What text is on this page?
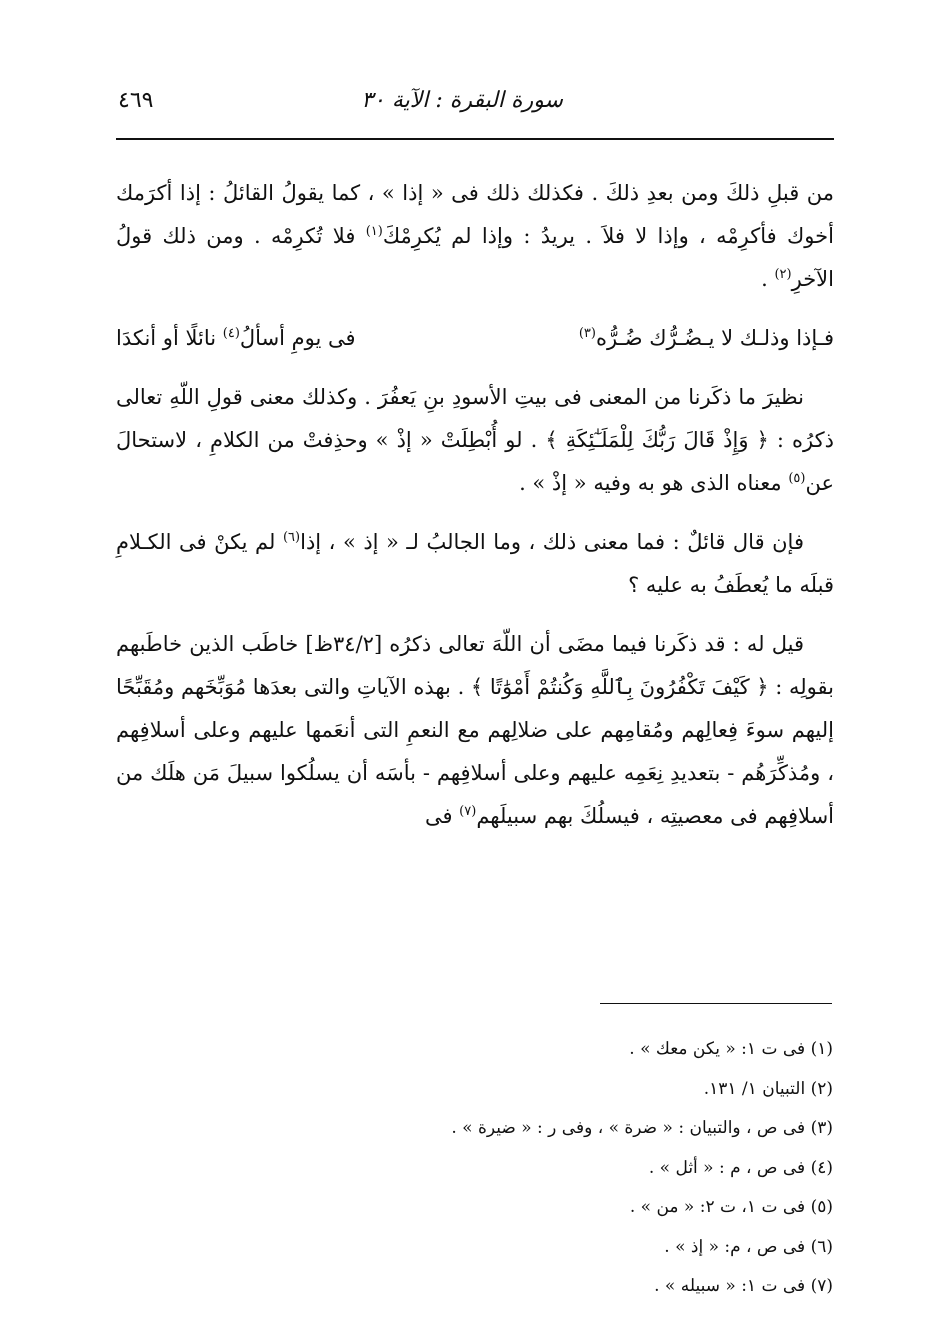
سورة البقرة : الآية ٣٠
٤٦٩

من قبلِ ذلكَ ومن بعدِ ذلكَ . فكذلك ذلك فى « إذا » ، كما يقولُ القائلُ : إذا أكرَمك أخوك فأكرِمْه ، وإذا لا فلاَ . يريدُ : وإذا لم يُكرِمْكَ$^{(١)}$ فلا تُكرِمْه . ومن ذلك قولُ الآخرِ$^{(٢)}$ .

فـإذا وذلـك لا يـضُـرُّك ضُـرُّه$^{(٣)}$
فى يومِ أسألُ$^{(٤)}$ نائلًا أو أنكدَا

نظيرَ ما ذكَرنا من المعنى فى بيتِ الأسودِ بنِ يَعفُرَ . وكذلك معنى قولِ اللّهِ تعالى ذكرُه : ﴿ وَإِذْ قَالَ رَبُّكَ لِلْمَلَـٰٓئِكَةِ ﴾ . لو أُبْطِلَتْ « إذْ » وحذِفتْ من الكلامِ ، لاستحالَ عن$^{(٥)}$ معناه الذى هو به وفيه « إذْ » .

فإن قال قائلٌ : فما معنى ذلك ، وما الجالبُ لـ « إذ » ، إذا$^{(٦)}$ لم يكنْ فى الكـلامِ قبلَه ما يُعطَفُ به عليه ؟

قيل له : قد ذكَرنا فيما مضَى أن اللّهَ تعالى ذكرُه [٣٤/٢ظ] خاطَب الذين خاطَبهم بقولِه : ﴿ كَيْفَ تَكْفُرُونَ بِٱللَّهِ وَكُنتُمْ أَمْوَٰتًا ﴾ . بهذه الآياتِ والتى بعدَها مُوَبِّخَهم ومُقَبِّحًا إليهم سوءَ فِعالِهم ومُقامِهم على ضلالِهم مع النعمِ التى أنعَمها عليهم وعلى أسلافِهم ، ومُذكِّرَهُم - بتعديدِ نِعَمِه عليهم وعلى أسلافِهم - بأسَه أن يسلُكوا سبيلَ مَن هلَك من أسلافِهم فى معصيتِه ، فيسلُكَ بهم سبيلَهم$^{(٧)}$ فى

(١) فى ت ١: « يكن معك » .
(٢) التبيان ١/ ١٣١.
(٣) فى ص ، والتبيان : « ضرة » ، وفى ر : « ضيرة » .
(٤) فى ص ، م : « أثل » .
(٥) فى ت ١، ت ٢: « من » .
(٦) فى ص ، م: « إذ » .
(٧) فى ت ١: « سبيله » .
